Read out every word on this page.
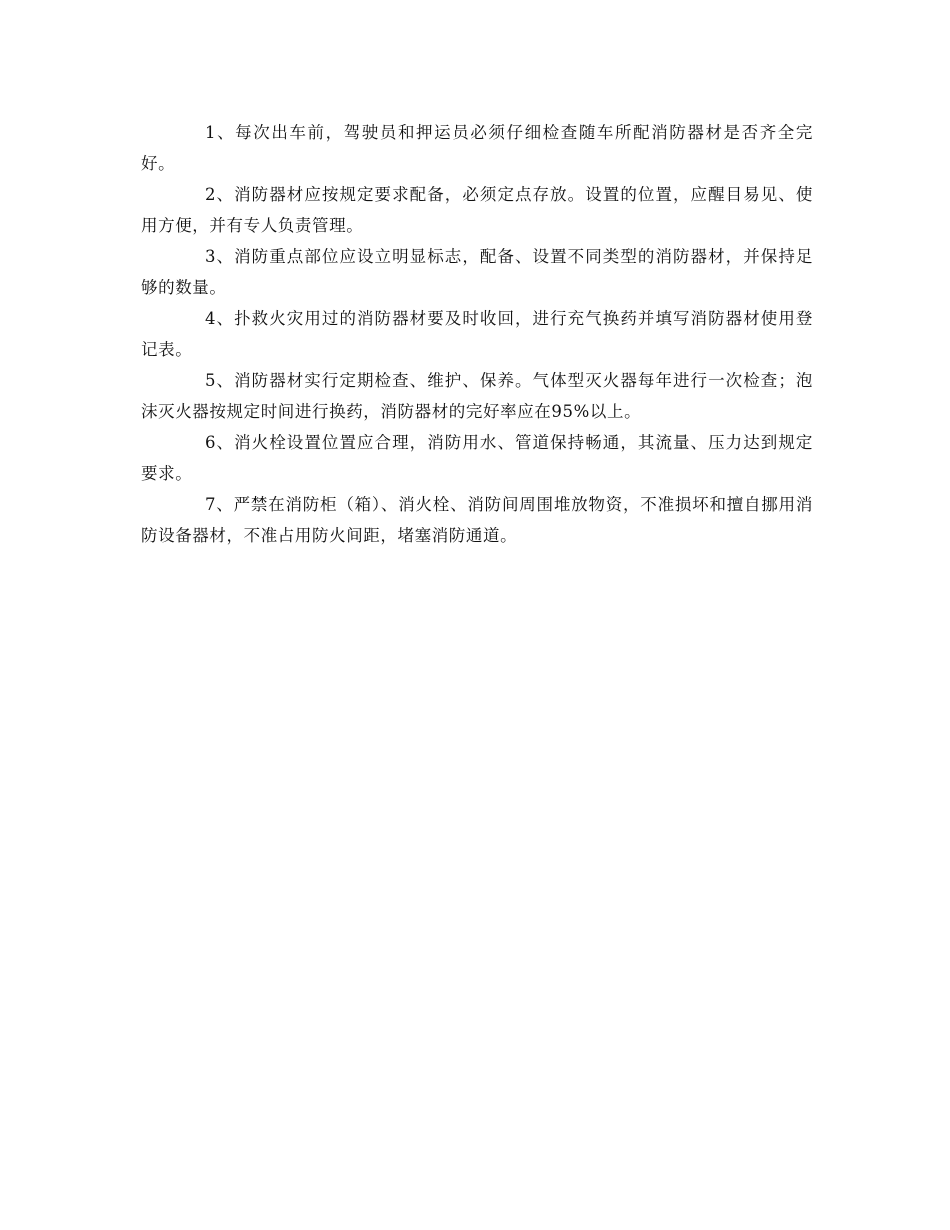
1、每次出车前，驾驶员和押运员必须仔细检查随车所配消防器材是否齐全完好。

2、消防器材应按规定要求配备，必须定点存放。设置的位置，应醒目易见、使用方便，并有专人负责管理。

3、消防重点部位应设立明显标志，配备、设置不同类型的消防器材，并保持足够的数量。

4、扑救火灾用过的消防器材要及时收回，进行充气换药并填写消防器材使用登记表。

5、消防器材实行定期检查、维护、保养。气体型灭火器每年进行一次检查；泡沫灭火器按规定时间进行换药，消防器材的完好率应在95%以上。

6、消火栓设置位置应合理，消防用水、管道保持畅通，其流量、压力达到规定要求。

7、严禁在消防柜（箱）、消火栓、消防间周围堆放物资，不准损坏和擅自挪用消防设备器材，不准占用防火间距，堵塞消防通道。
